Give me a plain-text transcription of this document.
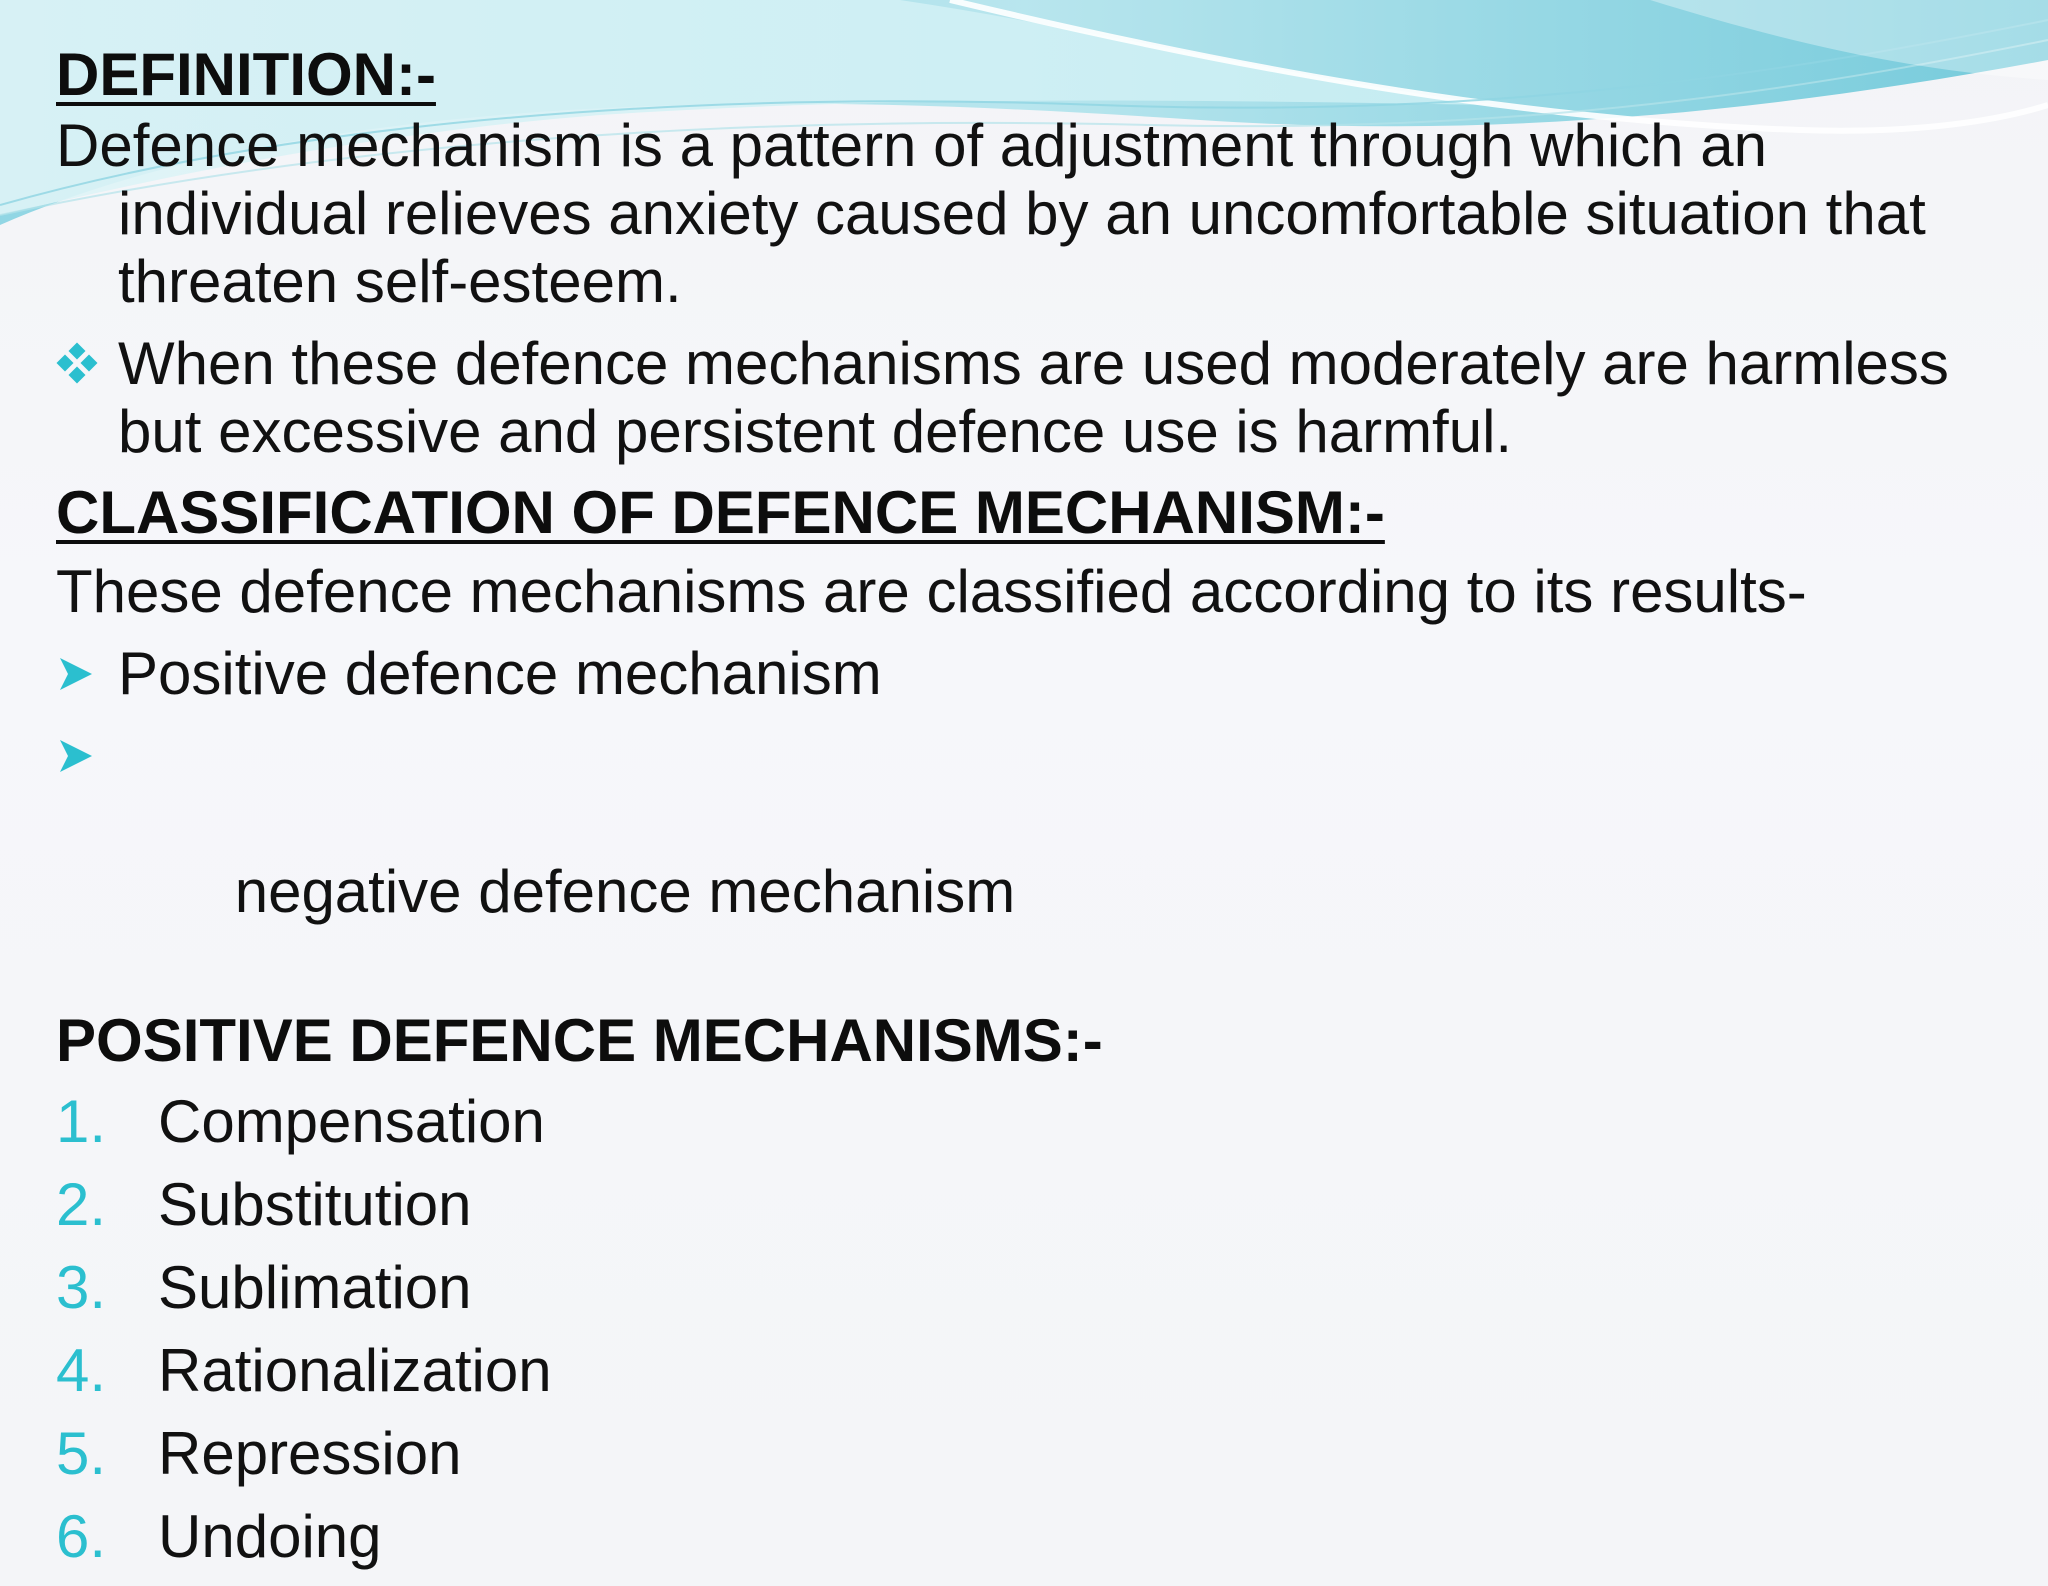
DEFINITION:-

Defence mechanism is a pattern of adjustment through which an individual relieves anxiety caused by an uncomfortable situation that threaten self-esteem.

When these defence mechanisms are used moderately are harmless but excessive and persistent defence use is harmful.

CLASSIFICATION OF DEFENCE MECHANISM:-

These defence mechanisms are classified according to its results-

Positive defence mechanism

negative defence mechanism

POSITIVE DEFENCE MECHANISMS:-

1. Compensation
2. Substitution
3. Sublimation
4. Rationalization
5. Repression
6. Undoing
